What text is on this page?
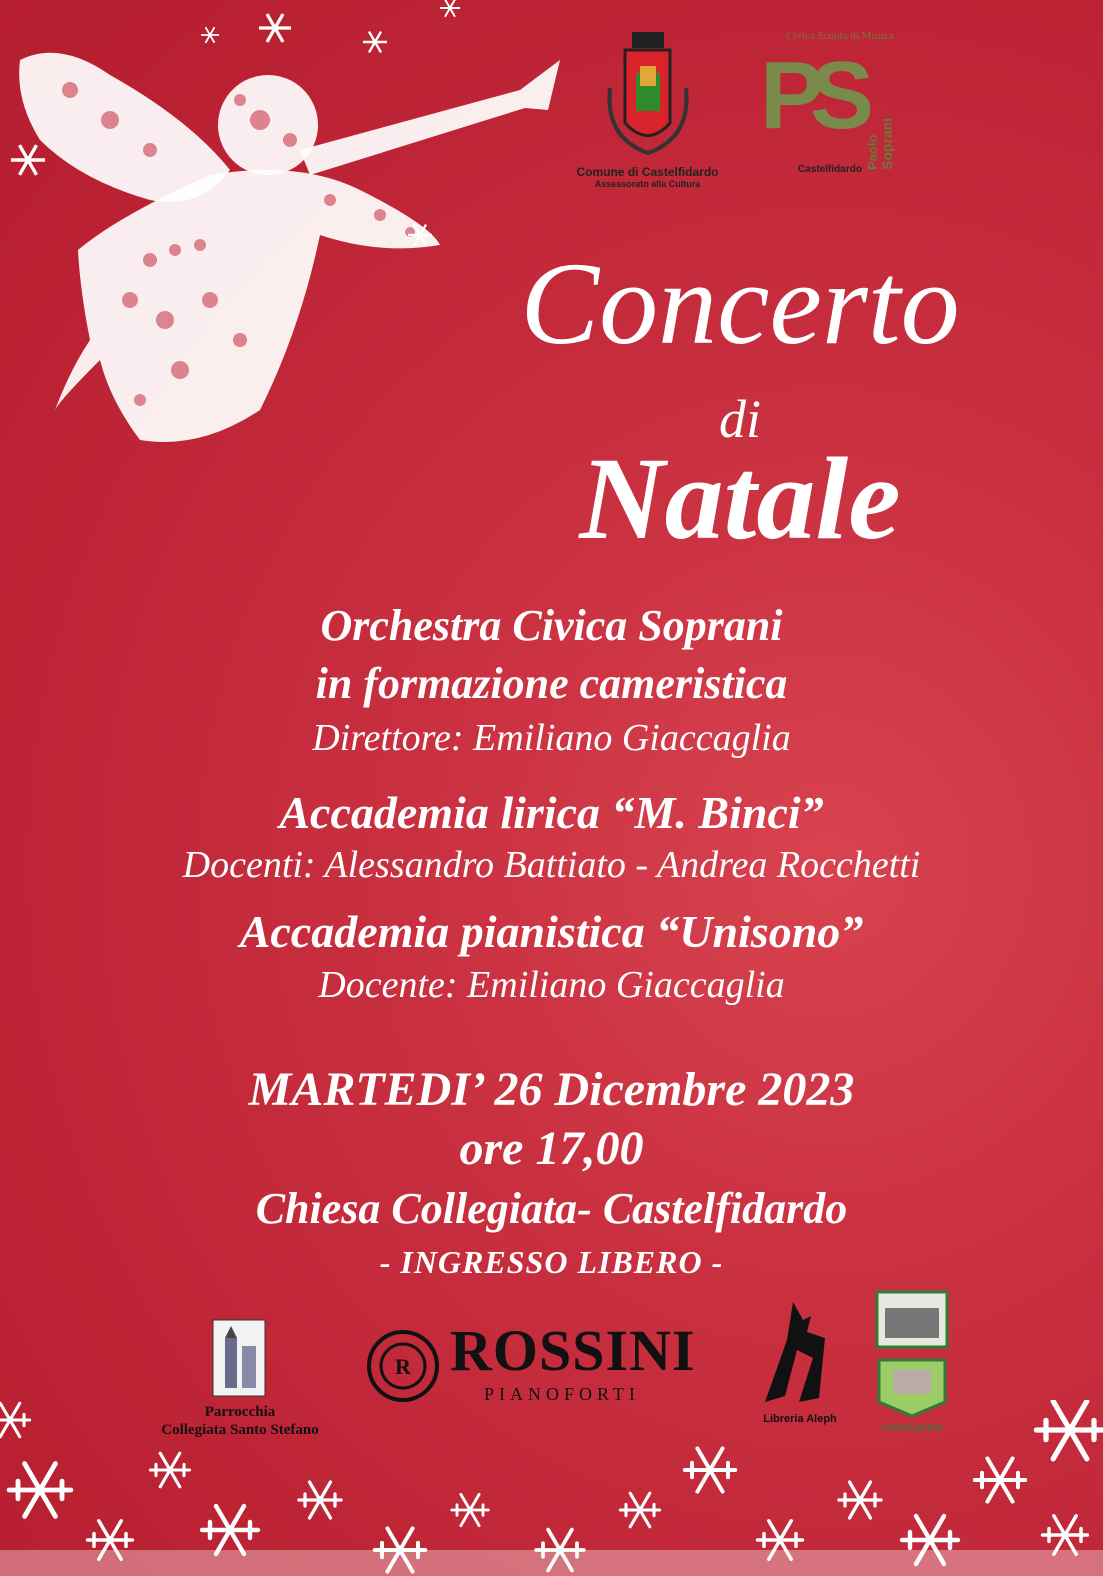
Comune di Castelfidardo
Assessorato alla Cultura
Civica Scuola di Musica
PS
Paolo Soprani
Castelfidardo
Concerto
di
Natale
Orchestra Civica Soprani
in formazione cameristica
Direttore: Emiliano Giaccaglia
Accademia lirica “M. Binci”
Docenti: Alessandro Battiato - Andrea Rocchetti
Accademia pianistica “Unisono”
Docente: Emiliano Giaccaglia
MARTEDI’ 26 Dicembre 2023
ore 17,00
Chiesa Collegiata- Castelfidardo
- INGRESSO LIBERO -
Parrocchia
Collegiata Santo Stefano
R ROSSINI
PIANOFORTI
Libreria Aleph
FONDAZIONE
